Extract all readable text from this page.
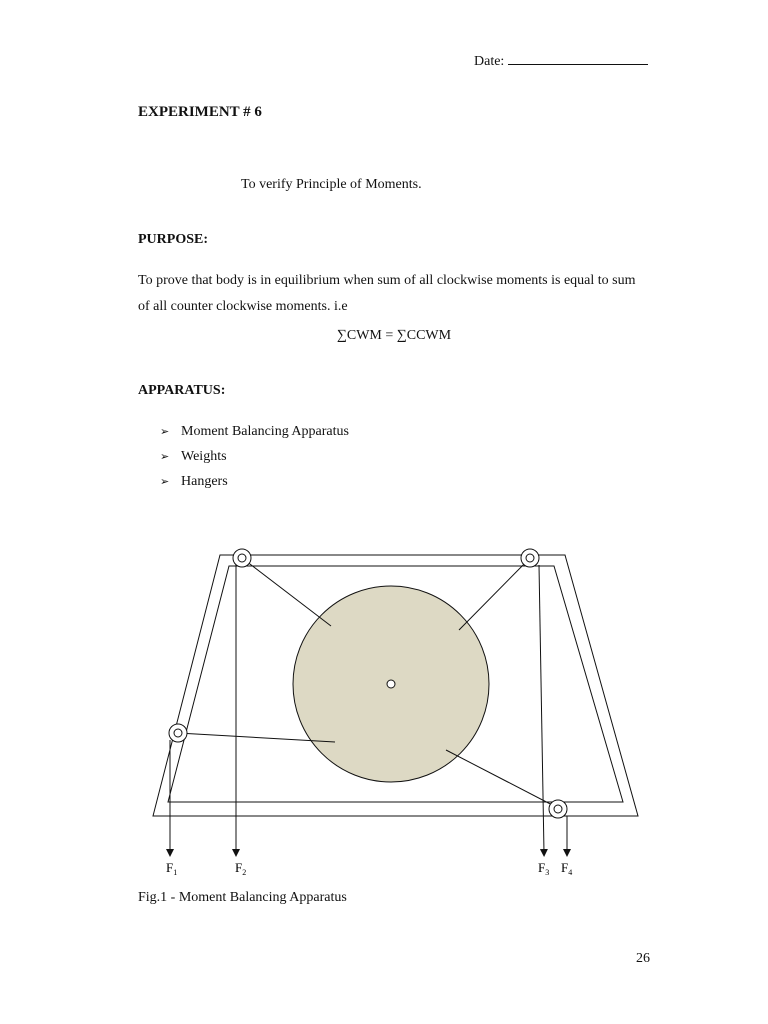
Date:
EXPERIMENT # 6
To verify Principle of Moments.
PURPOSE:
To prove that body is in equilibrium when sum of all clockwise moments is equal to sum
of all counter clockwise moments. i.e
∑CWM = ∑CCWM
APPARATUS:
➢ Moment Balancing Apparatus
➢ Weights
➢ Hangers
$F_1$	$F_2$	$F_3$ $F_4$
Fig.1 - Moment Balancing Apparatus
26
